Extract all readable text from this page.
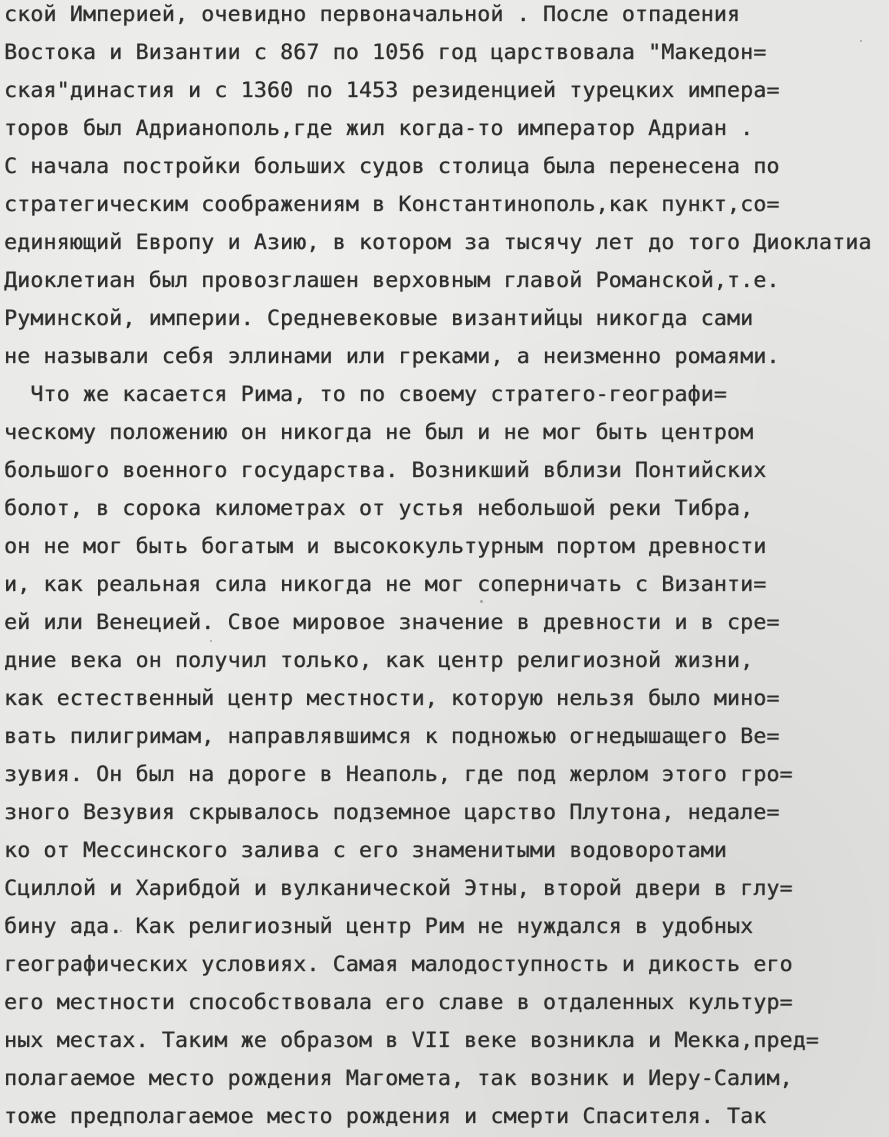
ской Империей, очевидно первоначальной . После отпадения
Востока и Византии с 867 по 1056 год царствовала "Македон=
ская"династия и с 1360 по 1453 резиденцией турецких импера=
торов был Адрианополь,где жил когда-то император Адриан .
С начала постройки больших судов столица была перенесена по
стратегическим соображениям в Константинополь,как пункт,со=
единяющий Европу и Азию, в котором за тысячу лет до того Диоклатиа
Диоклетиан был провозглашен верховным главой Романской,т.е.
Руминской, империи. Средневековые византийцы никогда сами
не называли себя эллинами или греками, а неизменно ромаями.
Что же касается Рима, то по своему стратего-географи=
ческому положению он никогда не был и не мог быть центром
большого военного государства. Возникший вблизи Понтийских
болот, в сорока километрах от устья небольшой реки Тибра,
он не мог быть богатым и высококультурным портом древности
и, как реальная сила никогда не мог соперничать с Византи=
ей или Венецией. Свое мировое значение в древности и в сре=
дние века он получил только, как центр религиозной жизни,
как естественный центр местности, которую нельзя было мино=
вать пилигримам, направлявшимся к подножью огнедышащего Ве=
зувия. Он был на дороге в Неаполь, где под жерлом этого гро=
зного Везувия скрывалось подземное царство Плутона, недале=
ко от Мессинского залива с его знаменитыми водоворотами
Сциллой и Харибдой и вулканической Этны, второй двери в глу=
бину ада. Как религиозный центр Рим не нуждался в удобных
географических условиях. Самая малодоступность и дикость его
его местности способствовала его славе в отдаленных культур=
ных местах. Таким же образом в VII веке возникла и Мекка,пред=
полагаемое место рождения Магомета, так возник и Иеру-Салим,
тоже предполагаемое место рождения и смерти Спасителя. Так
